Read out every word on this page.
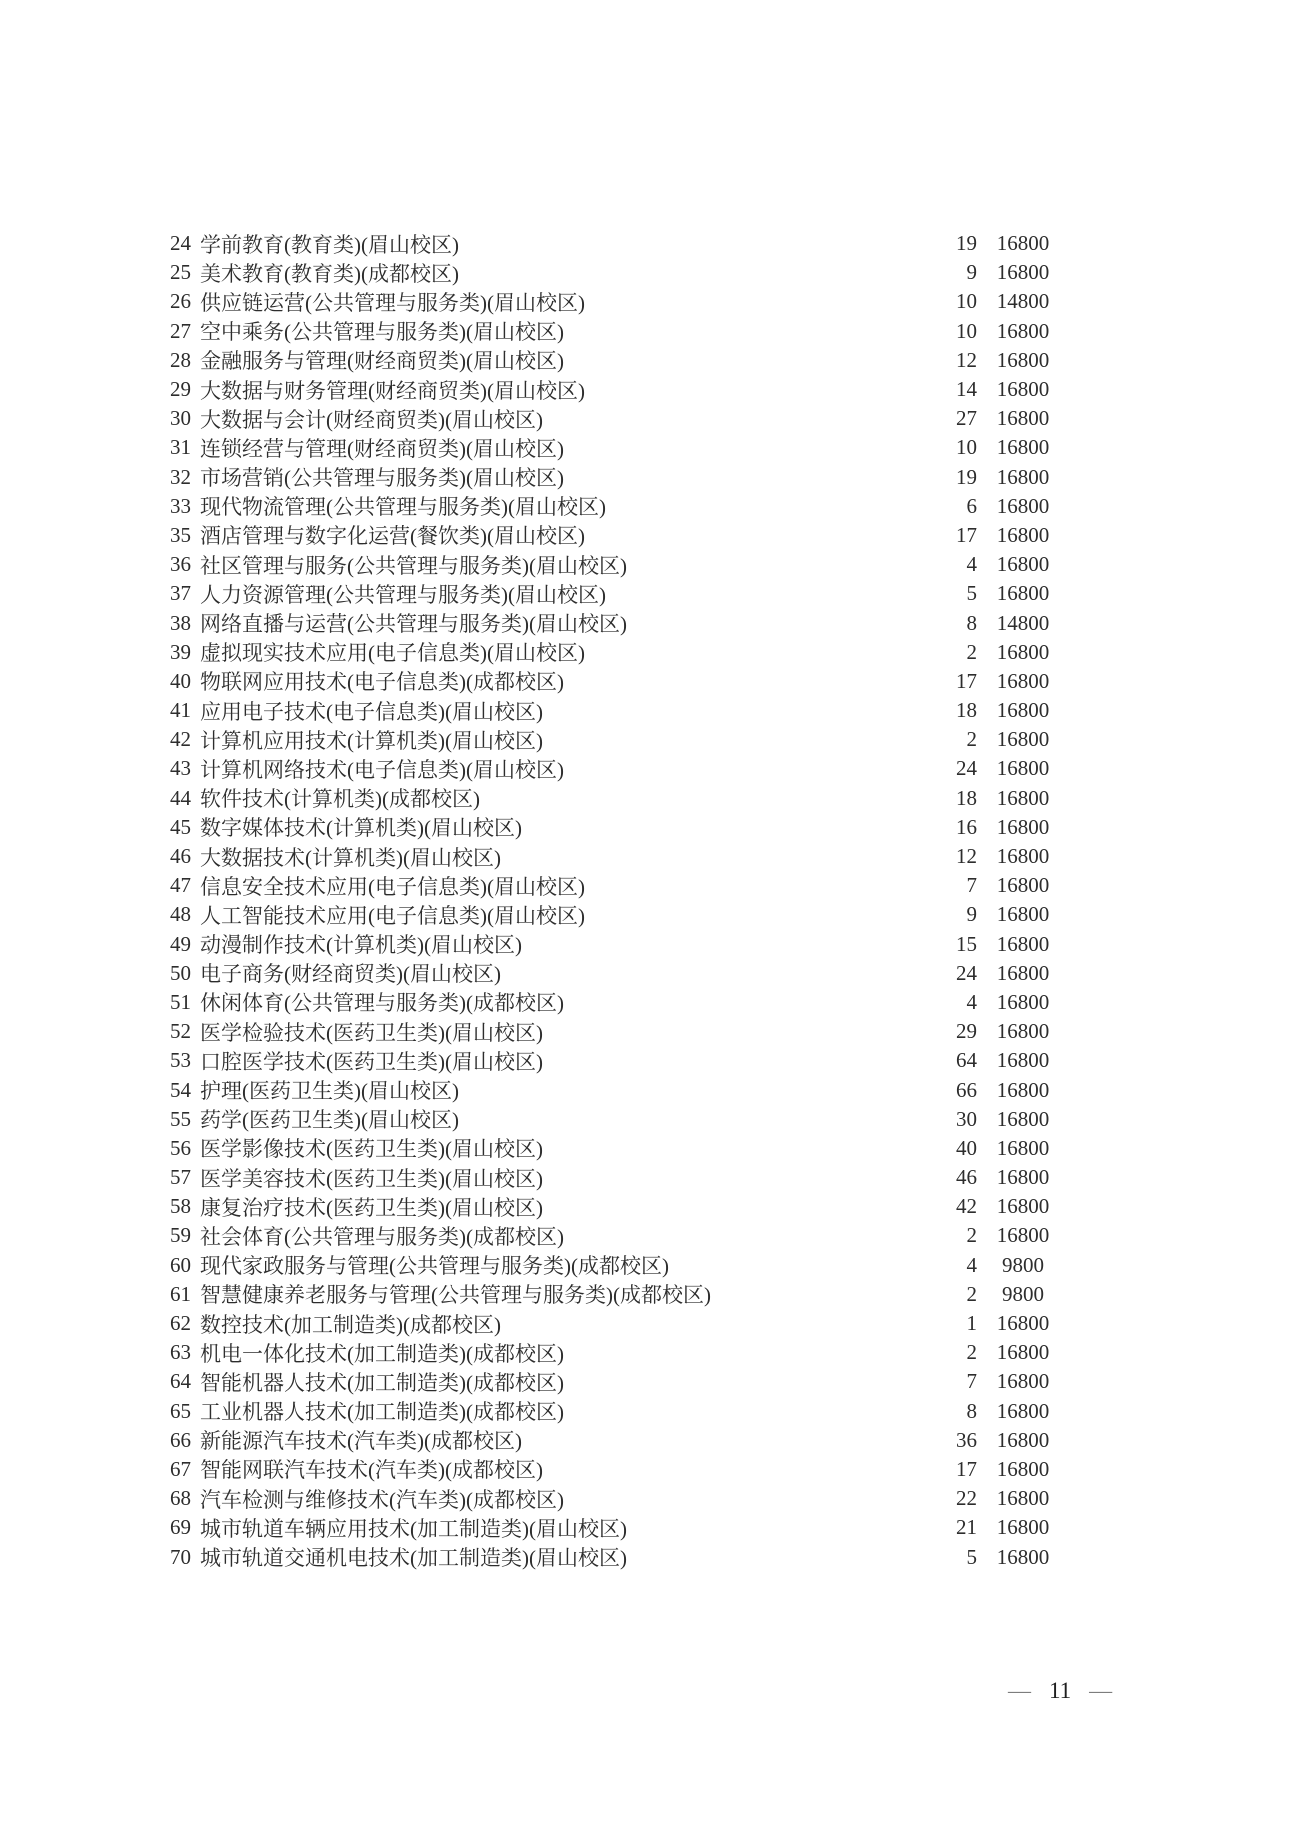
24 学前教育(教育类)(眉山校区)	19 16800
25 美术教育(教育类)(成都校区)	9 16800
26 供应链运营(公共管理与服务类)(眉山校区)	10 14800
27 空中乘务(公共管理与服务类)(眉山校区)	10 16800
28 金融服务与管理(财经商贸类)(眉山校区)	12 16800
29 大数据与财务管理(财经商贸类)(眉山校区)	14 16800
30 大数据与会计(财经商贸类)(眉山校区)	27 16800
31 连锁经营与管理(财经商贸类)(眉山校区)	10 16800
32 市场营销(公共管理与服务类)(眉山校区)	19 16800
33 现代物流管理(公共管理与服务类)(眉山校区)	6 16800
35 酒店管理与数字化运营(餐饮类)(眉山校区)	17 16800
36 社区管理与服务(公共管理与服务类)(眉山校区)	4 16800
37 人力资源管理(公共管理与服务类)(眉山校区)	5 16800
38 网络直播与运营(公共管理与服务类)(眉山校区)	8 14800
39 虚拟现实技术应用(电子信息类)(眉山校区)	2 16800
40 物联网应用技术(电子信息类)(成都校区)	17 16800
41 应用电子技术(电子信息类)(眉山校区)	18 16800
42 计算机应用技术(计算机类)(眉山校区)	2 16800
43 计算机网络技术(电子信息类)(眉山校区)	24 16800
44 软件技术(计算机类)(成都校区)	18 16800
45 数字媒体技术(计算机类)(眉山校区)	16 16800
46 大数据技术(计算机类)(眉山校区)	12 16800
47 信息安全技术应用(电子信息类)(眉山校区)	7 16800
48 人工智能技术应用(电子信息类)(眉山校区)	9 16800
49 动漫制作技术(计算机类)(眉山校区)	15 16800
50 电子商务(财经商贸类)(眉山校区)	24 16800
51 休闲体育(公共管理与服务类)(成都校区)	4 16800
52 医学检验技术(医药卫生类)(眉山校区)	29 16800
53 口腔医学技术(医药卫生类)(眉山校区)	64 16800
54 护理(医药卫生类)(眉山校区)	66 16800
55 药学(医药卫生类)(眉山校区)	30 16800
56 医学影像技术(医药卫生类)(眉山校区)	40 16800
57 医学美容技术(医药卫生类)(眉山校区)	46 16800
58 康复治疗技术(医药卫生类)(眉山校区)	42 16800
59 社会体育(公共管理与服务类)(成都校区)	2 16800
60 现代家政服务与管理(公共管理与服务类)(成都校区)	4	9800
61 智慧健康养老服务与管理(公共管理与服务类)(成都校区)	2	9800
62 数控技术(加工制造类)(成都校区)	1 16800
63 机电一体化技术(加工制造类)(成都校区)	2 16800
64 智能机器人技术(加工制造类)(成都校区)	7 16800
65 工业机器人技术(加工制造类)(成都校区)	8 16800
66 新能源汽车技术(汽车类)(成都校区)	36 16800
67 智能网联汽车技术(汽车类)(成都校区)	17 16800
68 汽车检测与维修技术(汽车类)(成都校区)	22 16800
69 城市轨道车辆应用技术(加工制造类)(眉山校区)	21 16800
70 城市轨道交通机电技术(加工制造类)(眉山校区)	5 16800
— 11 —
